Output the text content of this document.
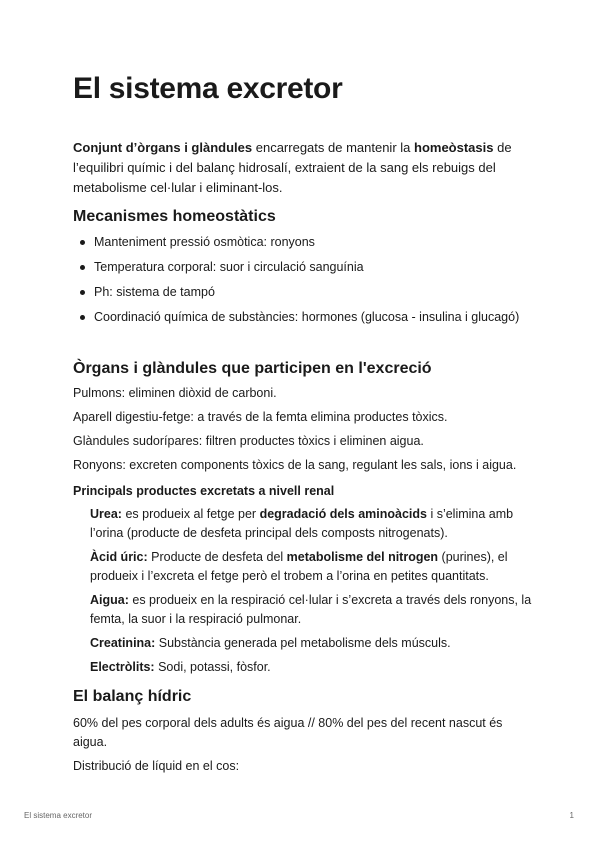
El sistema excretor

Conjunt d’òrgans i glàndules encarregats de mantenir la homeòstasis de l’equilibri químic i del balanç hidrosalí, extraient de la sang els rebuigs del metabolisme cel·lular i eliminant-los.

Mecanismes homeostàtics
Manteniment pressió osmòtica: ronyons
Temperatura corporal: suor i circulació sanguínia
Ph: sistema de tampó
Coordinació química de substàncies: hormones (glucosa - insulina i glucagó)
Òrgans i glàndules que participen en l'excreció

Pulmons: eliminen diòxid de carboni.

Aparell digestiu-fetge: a través de la femta elimina productes tòxics.

Glàndules sudorípares: filtren productes tòxics i eliminen aigua.

Ronyons: excreten components tòxics de la sang, regulant les sals, ions i aigua.

Principals productes excretats a nivell renal

Urea: es produeix al fetge per degradació dels aminoàcids i s’elimina amb l’orina (producte de desfeta principal dels composts nitrogenats).

Àcid úric: Producte de desfeta del metabolisme del nitrogen (purines), el produeix i l’excreta el fetge però el trobem a l’orina en petites quantitats.

Aigua: es produeix en la respiració cel·lular i s’excreta a través dels ronyons, la femta, la suor i la respiració pulmonar.

Creatinina: Substància generada pel metabolisme dels músculs.

Electròlits: Sodi, potassi, fòsfor.

El balanç hídric

60% del pes corporal dels adults és aigua // 80% del pes del recent nascut és aigua.

Distribució de líquid en el cos:

El sistema excretor	1
